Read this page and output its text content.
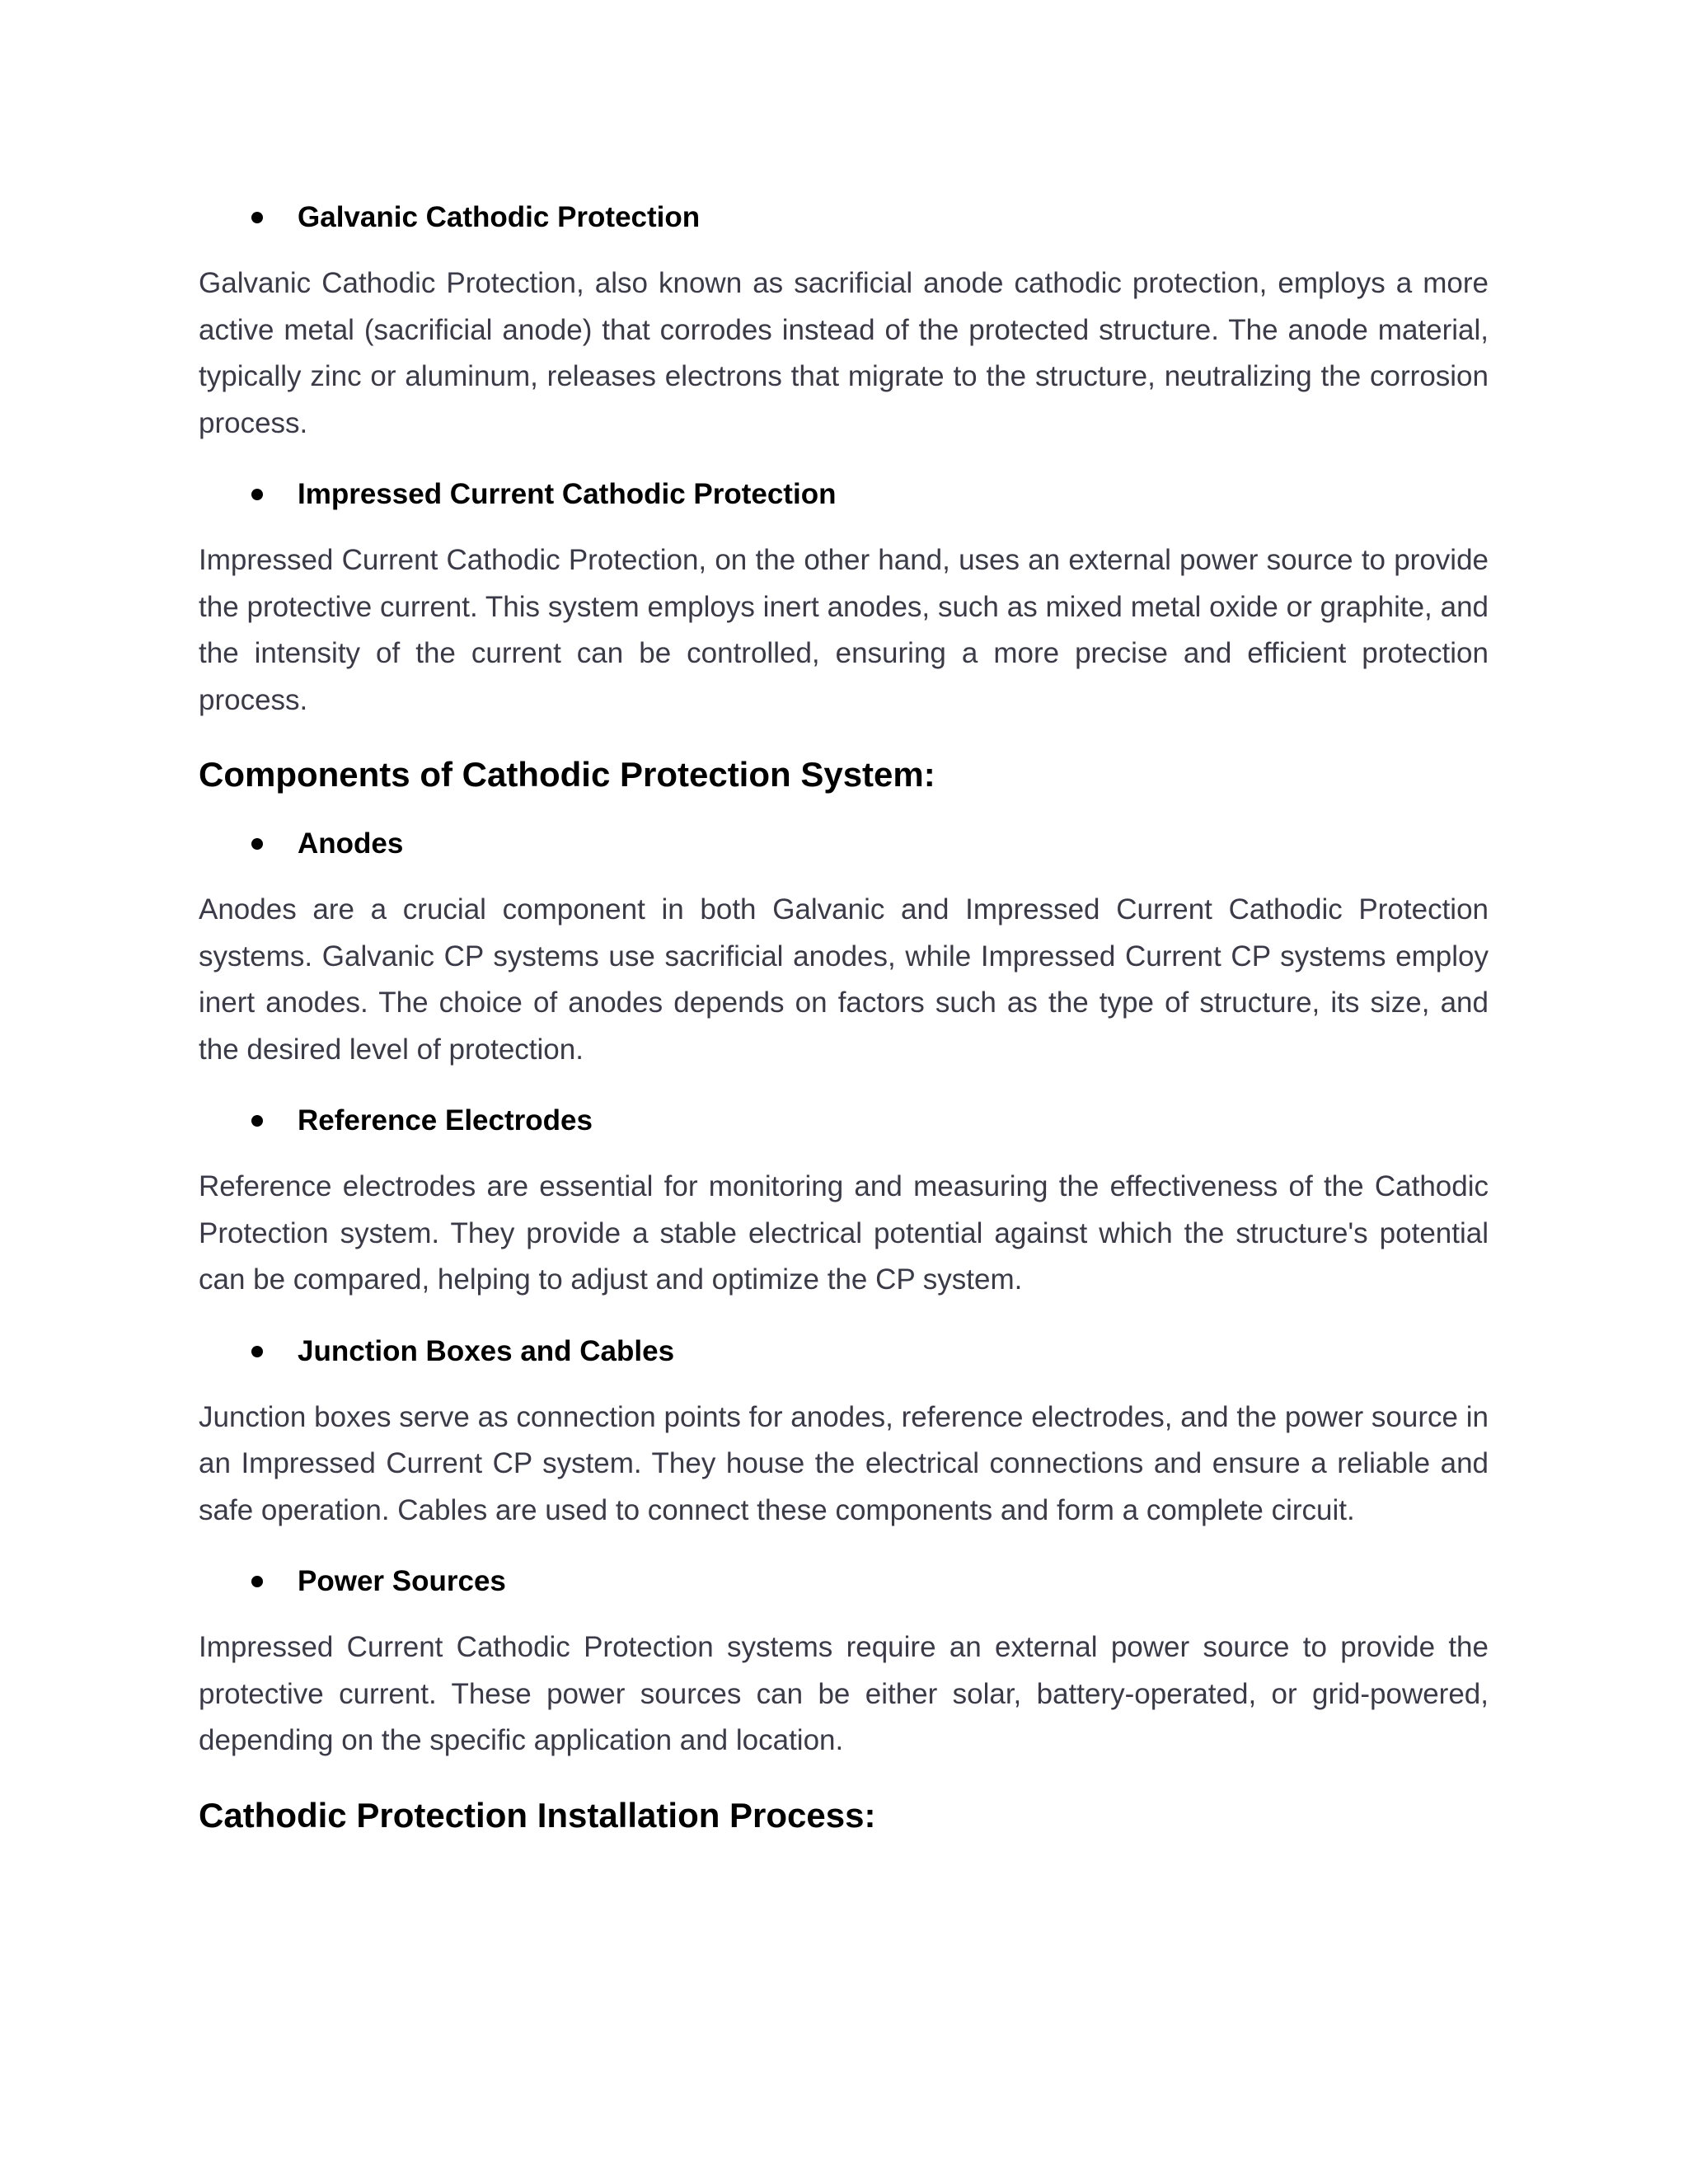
Galvanic Cathodic Protection

Galvanic Cathodic Protection, also known as sacrificial anode cathodic protection, employs a more active metal (sacrificial anode) that corrodes instead of the protected structure. The anode material, typically zinc or aluminum, releases electrons that migrate to the structure, neutralizing the corrosion process.

Impressed Current Cathodic Protection

Impressed Current Cathodic Protection, on the other hand, uses an external power source to provide the protective current. This system employs inert anodes, such as mixed metal oxide or graphite, and the intensity of the current can be controlled, ensuring a more precise and efficient protection process.

Components of Cathodic Protection System:
Anodes

Anodes are a crucial component in both Galvanic and Impressed Current Cathodic Protection systems. Galvanic CP systems use sacrificial anodes, while Impressed Current CP systems employ inert anodes. The choice of anodes depends on factors such as the type of structure, its size, and the desired level of protection.

Reference Electrodes

Reference electrodes are essential for monitoring and measuring the effectiveness of the Cathodic Protection system. They provide a stable electrical potential against which the structure's potential can be compared, helping to adjust and optimize the CP system.

Junction Boxes and Cables

Junction boxes serve as connection points for anodes, reference electrodes, and the power source in an Impressed Current CP system. They house the electrical connections and ensure a reliable and safe operation. Cables are used to connect these components and form a complete circuit.

Power Sources

Impressed Current Cathodic Protection systems require an external power source to provide the protective current. These power sources can be either solar, battery-operated, or grid-powered, depending on the specific application and location.

Cathodic Protection Installation Process:
